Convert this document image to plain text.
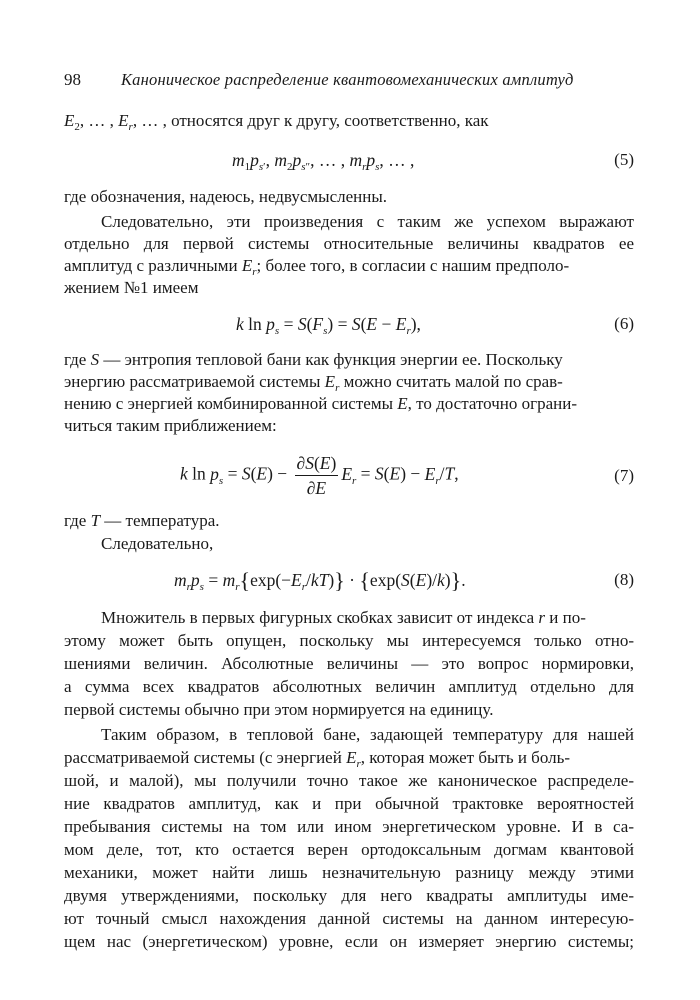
98 Каноническое распределение квантовомеханических амплитуд
$E_2$, … , $E_r$, … , относятся друг к другу, соответственно, как
$m_1p_{s'}$, $m_2p_{s''}$, … , $m_rp_s$, … ,	(5)
где обозначения, надеюсь, недвусмысленны.
Следовательно, эти произведения с таким же успехом выражают
отдельно для первой системы относительные величины квадратов ее
амплитуд с различными $E_r$; более того, в согласии с нашим предполо-
жением №1 имеем
k $\ln p_s = S(F_s) = S(E - E_r)$,	(6)
где S — энтропия тепловой бани как функция энергии ее. Поскольку
энергию рассматриваемой системы $E_r$ можно считать малой по срав-
нению с энергией комбинированной системы E, то достаточно ограни-
читься таким приближением:
k $\ln p_s = S(E) - \frac{\partial S(E)}{\partial E} E_r = S(E) - E_r/T$,	(7)
где T — температура.
Следовательно,
$m_rp_s = m_r\{\exp(-E_r/kT)\} \cdot \{\exp(S(E)/k)\}$.	(8)
Множитель в первых фигурных скобках зависит от индекса r и по-
этому может быть опущен, поскольку мы интересуемся только отно-
шениями величин. Абсолютные величины — это вопрос нормировки,
а сумма всех квадратов абсолютных величин амплитуд отдельно для
первой системы обычно при этом нормируется на единицу.
Таким образом, в тепловой бане, задающей температуру для нашей
рассматриваемой системы (с энергией $E_r$, которая может быть и боль-
шой, и малой), мы получили точно такое же каноническое распределе-
ние квадратов амплитуд, как и при обычной трактовке вероятностей
пребывания системы на том или ином энергетическом уровне. И в са-
мом деле, тот, кто остается верен ортодоксальным догмам квантовой
механики, может найти лишь незначительную разницу между этими
двумя утверждениями, поскольку для него квадраты амплитуды име-
ют точный смысл нахождения данной системы на данном интересую-
щем нас (энергетическом) уровне, если он измеряет энергию системы;
